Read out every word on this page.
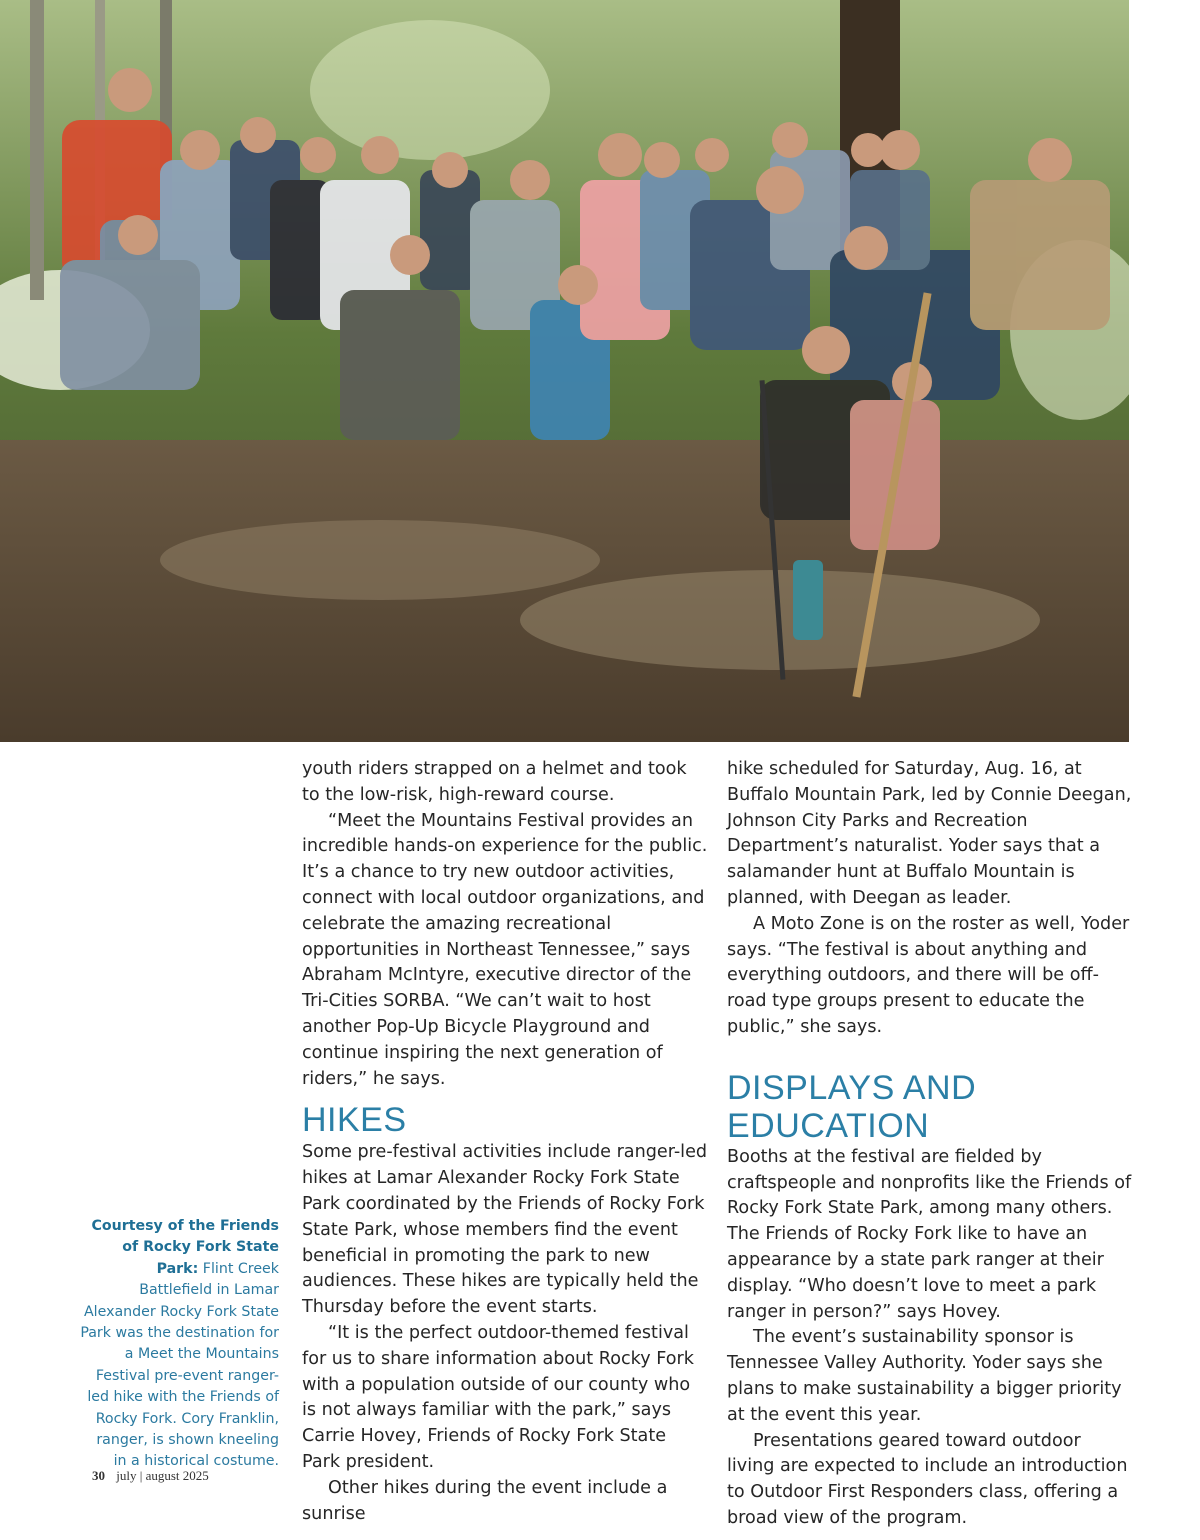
youth riders strapped on a helmet and took to the low-risk, high-reward course.

“Meet the Mountains Festival provides an incredible hands-on experience for the public. It’s a chance to try new outdoor activities, connect with local outdoor organizations, and celebrate the amazing recreational opportunities in Northeast Tennessee,” says Abraham McIntyre, executive director of the Tri-Cities SORBA. “We can’t wait to host another Pop-Up Bicycle Playground and continue inspiring the next generation of riders,” he says.

HIKES

Some pre-festival activities include ranger-led hikes at Lamar Alexander Rocky Fork State Park coordinated by the Friends of Rocky Fork State Park, whose members find the event beneficial in promoting the park to new audiences. These hikes are typically held the Thursday before the event starts.

“It is the perfect outdoor-themed festival for us to share information about Rocky Fork with a population outside of our county who is not always familiar with the park,” says Carrie Hovey, Friends of Rocky Fork State Park president.

Other hikes during the event include a sunrise

hike scheduled for Saturday, Aug. 16, at Buffalo Mountain Park, led by Connie Deegan, Johnson City Parks and Recreation Department’s naturalist. Yoder says that a salamander hunt at Buffalo Mountain is planned, with Deegan as leader.

A Moto Zone is on the roster as well, Yoder says. “The festival is about anything and everything outdoors, and there will be off-road type groups present to educate the public,” she says.

DISPLAYS AND
EDUCATION

Booths at the festival are fielded by craftspeople and nonprofits like the Friends of Rocky Fork State Park, among many others. The Friends of Rocky Fork like to have an appearance by a state park ranger at their display. “Who doesn’t love to meet a park ranger in person?” says Hovey.

The event’s sustainability sponsor is Tennessee Valley Authority. Yoder says she plans to make sustainability a bigger priority at the event this year.

Presentations geared toward outdoor living are expected to include an introduction to Outdoor First Responders class, offering a broad view of the program.

Courtesy of the Friends of Rocky Fork State Park: Flint Creek Battlefield in Lamar Alexander Rocky Fork State Park was the destination for a Meet the Mountains Festival pre-event ranger-led hike with the Friends of Rocky Fork. Cory Franklin, ranger, is shown kneeling in a historical costume.
30 july | august 2025
